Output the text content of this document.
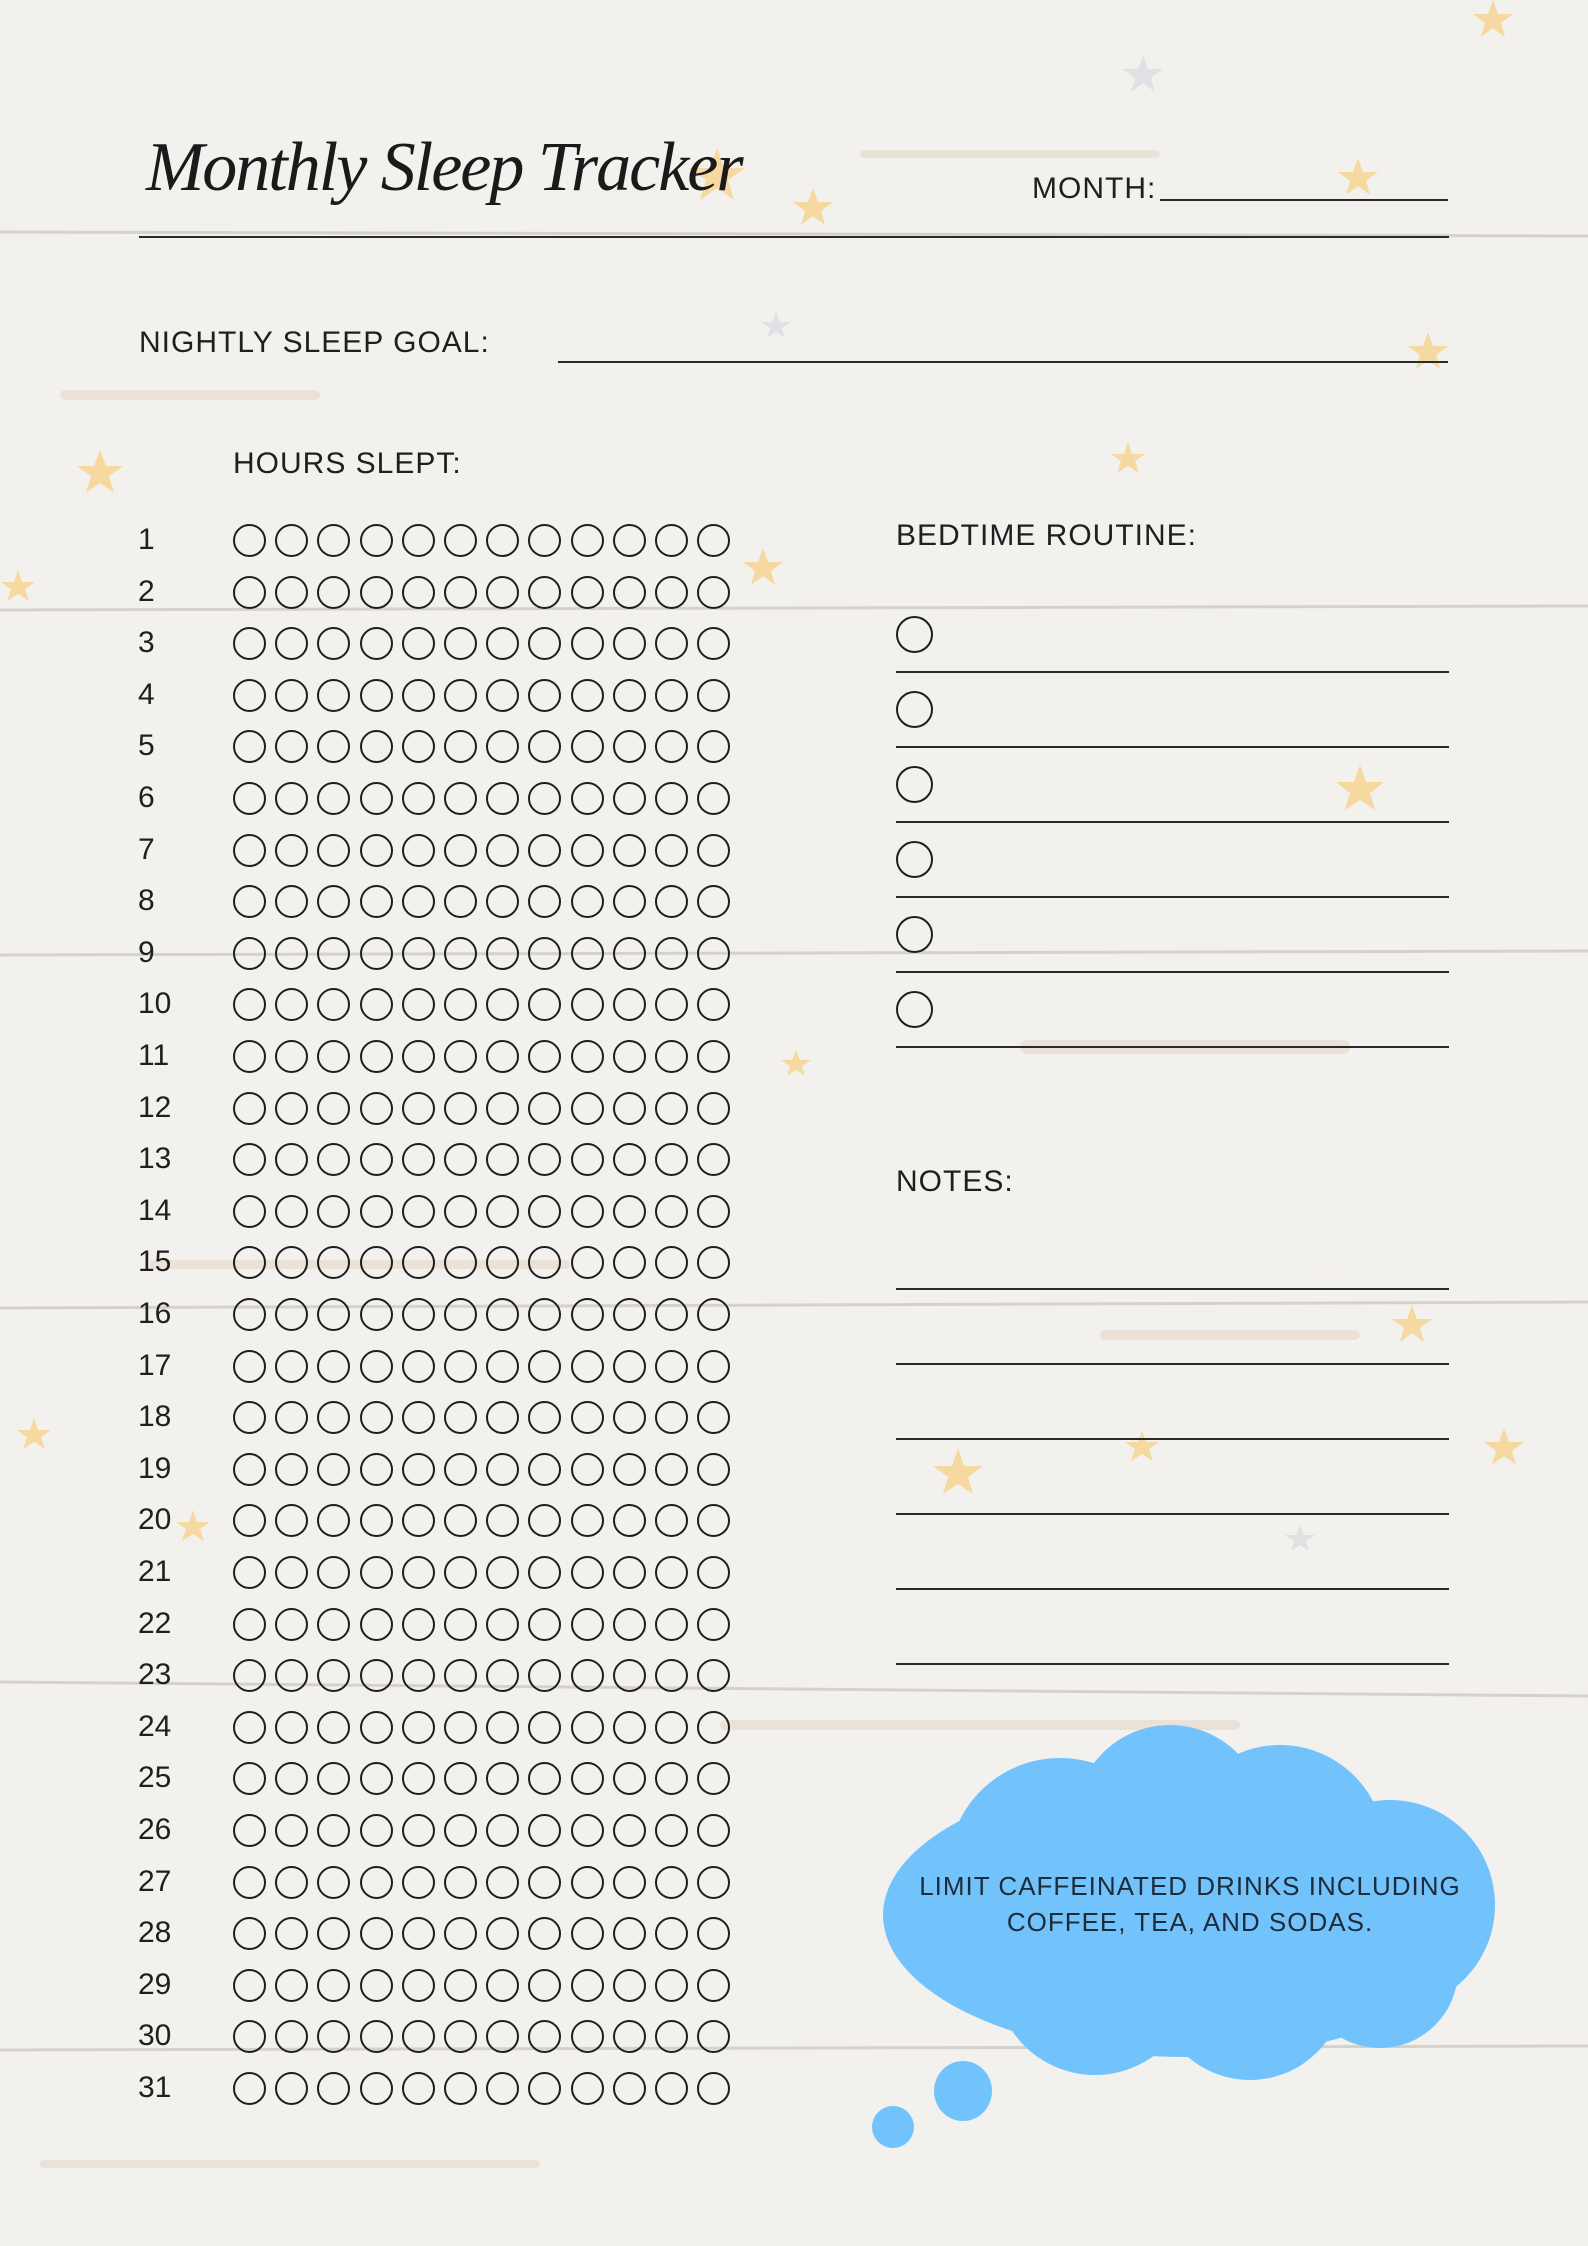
Monthly Sleep Tracker	MONTH:
NIGHTLY SLEEP GOAL:
HOURS SLEPT:
1
2
3
4
5
6
7
8
9
10
11
12
13
14
15
16
17
18
19
20
21
22
23
24
25
26
27
28
29
30
31
BEDTIME ROUTINE:
NOTES:
LIMIT CAFFEINATED DRINKS INCLUDING
COFFEE, TEA, AND SODAS.
